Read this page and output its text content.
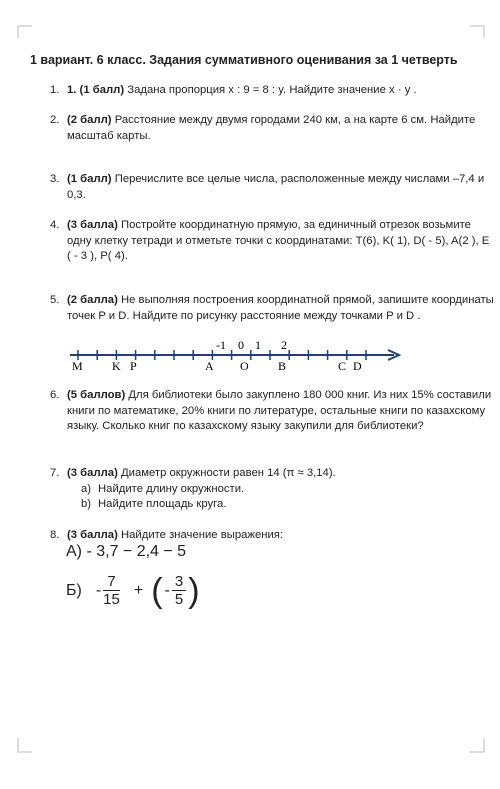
1 вариант. 6 класс. Задания суммативного оценивания за 1 четверть
1. 1. (1 балл) Задана пропорция x : 9 = 8 : y. Найдите значение x · y .
2. (2 балл) Расстояние между двумя городами 240 км, а на карте 6 см. Найдите масштаб карты.
3. (1 балл) Перечислите все целые числа, расположенные между числами –7,4 и 0,3.
4. (3 балла) Постройте координатную прямую, за единичный отрезок возьмите одну клетку тетради и отметьте точки с координатами: T(6), K( 1), D( - 5), A(2 ), E ( - 3 ), P( 4).
5. (2 балла) Не выполняя построения координатной прямой, запишите координаты точек P и D. Найдите по рисунку расстояние между точками P и D .
-1 0 1 2
M K P	A O B	C D
6. (5 баллов) Для библиотеки было закуплено 180 000 книг. Из них 15% составили книги по математике, 20% книги по литературе, остальные книги по казахскому языку. Сколько книг по казахскому языку закупили для библиотеки?
7. (3 балла) Диаметр окружности равен 14 (π ≈ 3,14).
a) Найдите длину окружности.
b) Найдите площадь круга.
8. (3 балла) Найдите значение выражения:
А) - 3,7 − 2,4 − 5
$Б) - \frac{7}{15}$ + ( - $\frac{3}{5}$ )
